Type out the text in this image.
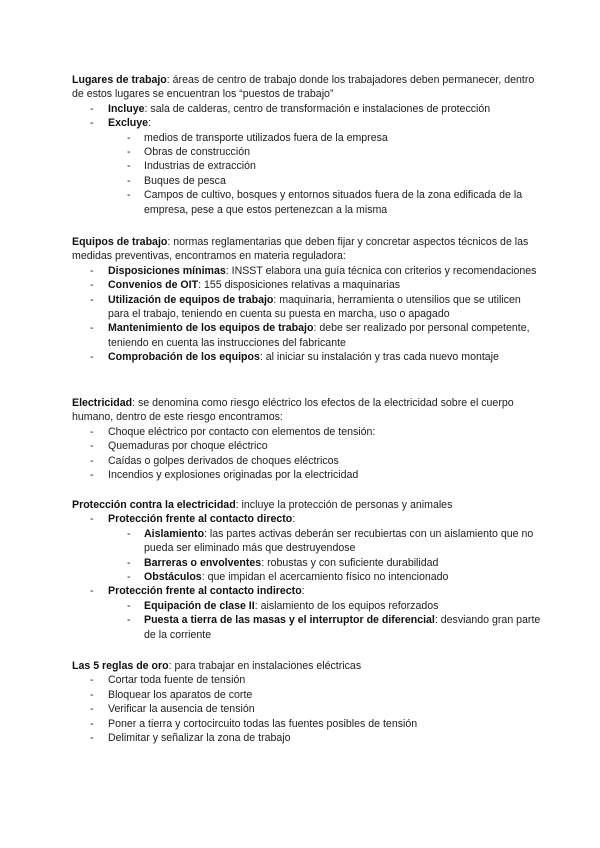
Lugares de trabajo: áreas de centro de trabajo donde los trabajadores deben permanecer, dentro de estos lugares se encuentran los “puestos de trabajo”

- Incluye: sala de calderas, centro de transformación e instalaciones de protección
- Excluye:
- medios de transporte utilizados fuera de la empresa
- Obras de construcción
- Industrias de extracción
- Buques de pesca
- Campos de cultivo, bosques y entornos situados fuera de la zona edificada de la empresa, pese a que estos pertenezcan a la misma

Equipos de trabajo: normas reglamentarias que deben fijar y concretar aspectos técnicos de las medidas preventivas, encontramos en materia reguladora:

- Disposiciones mínimas: INSST elabora una guía técnica con criterios y recomendaciones
- Convenios de OIT: 155 disposiciones relativas a maquinarias
- Utilización de equipos de trabajo: maquinaria, herramienta o utensilios que se utilicen para el trabajo, teniendo en cuenta su puesta en marcha, uso o apagado
- Mantenimiento de los equipos de trabajo: debe ser realizado por personal competente, teniendo en cuenta las instrucciones del fabricante
- Comprobación de los equipos: al iniciar su instalación y tras cada nuevo montaje

Electricidad: se denomina como riesgo eléctrico los efectos de la electricidad sobre el cuerpo humano, dentro de este riesgo encontramos:

- Choque eléctrico por contacto con elementos de tensión:
- Quemaduras por choque eléctrico
- Caídas o golpes derivados de choques eléctricos
- Incendios y explosiones originadas por la electricidad

Protección contra la electricidad: incluye la protección de personas y animales

- Protección frente al contacto directo:
- Aislamiento: las partes activas deberán ser recubiertas con un aislamiento que no pueda ser eliminado más que destruyendose
- Barreras o envolventes: robustas y con suficiente durabilidad
- Obstáculos: que impidan el acercamiento físico no intencionado
- Protección frente al contacto indirecto:
- Equipación de clase II: aislamiento de los equipos reforzados
- Puesta a tierra de las masas y el interruptor de diferencial: desviando gran parte de la corriente

Las 5 reglas de oro: para trabajar en instalaciones eléctricas

- Cortar toda fuente de tensión
- Bloquear los aparatos de corte
- Verificar la ausencia de tensión
- Poner a tierra y cortocircuito todas las fuentes posibles de tensión
- Delimitar y señalizar la zona de trabajo
